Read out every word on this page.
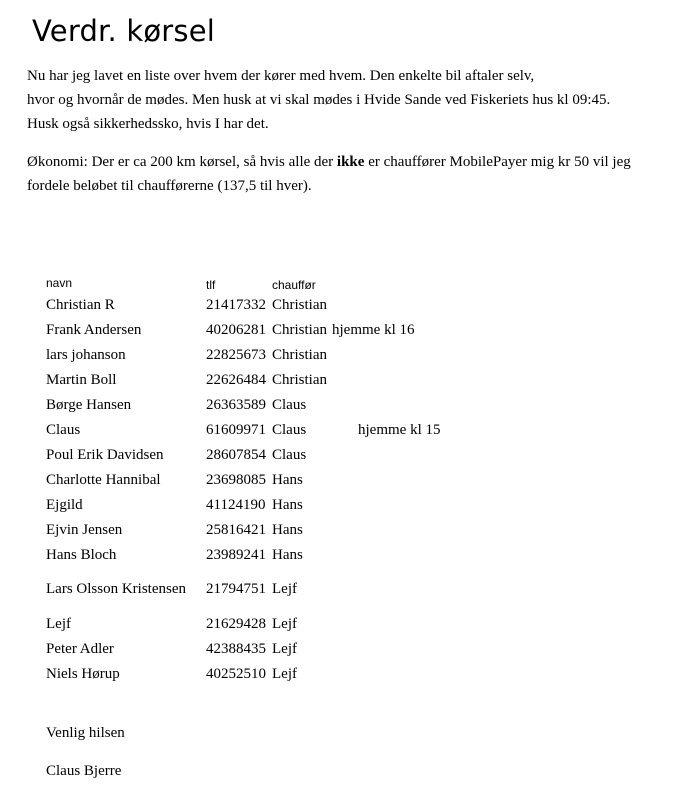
Verdr. kørsel
Nu har jeg lavet en liste over hvem der kører med hvem. Den enkelte bil aftaler selv,
hvor og hvornår de mødes. Men husk at vi skal mødes i Hvide Sande ved Fiskeriets hus kl 09:45.
Husk også sikkerhedssko, hvis I har det.
Økonomi: Der er ca 200 km kørsel, så hvis alle der ikke er chauffører MobilePayer mig kr 50 vil jeg
fordele beløbet til chaufførerne (137,5 til hver).
navn	tlf	chauffør
Christian R	21417332 Christian
Frank Andersen	40206281 Christian hjemme kl 16
lars johanson	22825673 Christian
Martin Boll	22626484 Christian
Børge Hansen	26363589 Claus
Claus	61609971 Claus	hjemme kl 15
Poul Erik Davidsen	28607854 Claus
Charlotte Hannibal	23698085 Hans
Ejgild	41124190 Hans
Ejvin Jensen	25816421 Hans
Hans Bloch	23989241 Hans
Lars Olsson Kristensen 21794751 Lejf
Lejf	21629428 Lejf
Peter Adler	42388435 Lejf
Niels Hørup	40252510 Lejf
Venlig hilsen
Claus Bjerre
